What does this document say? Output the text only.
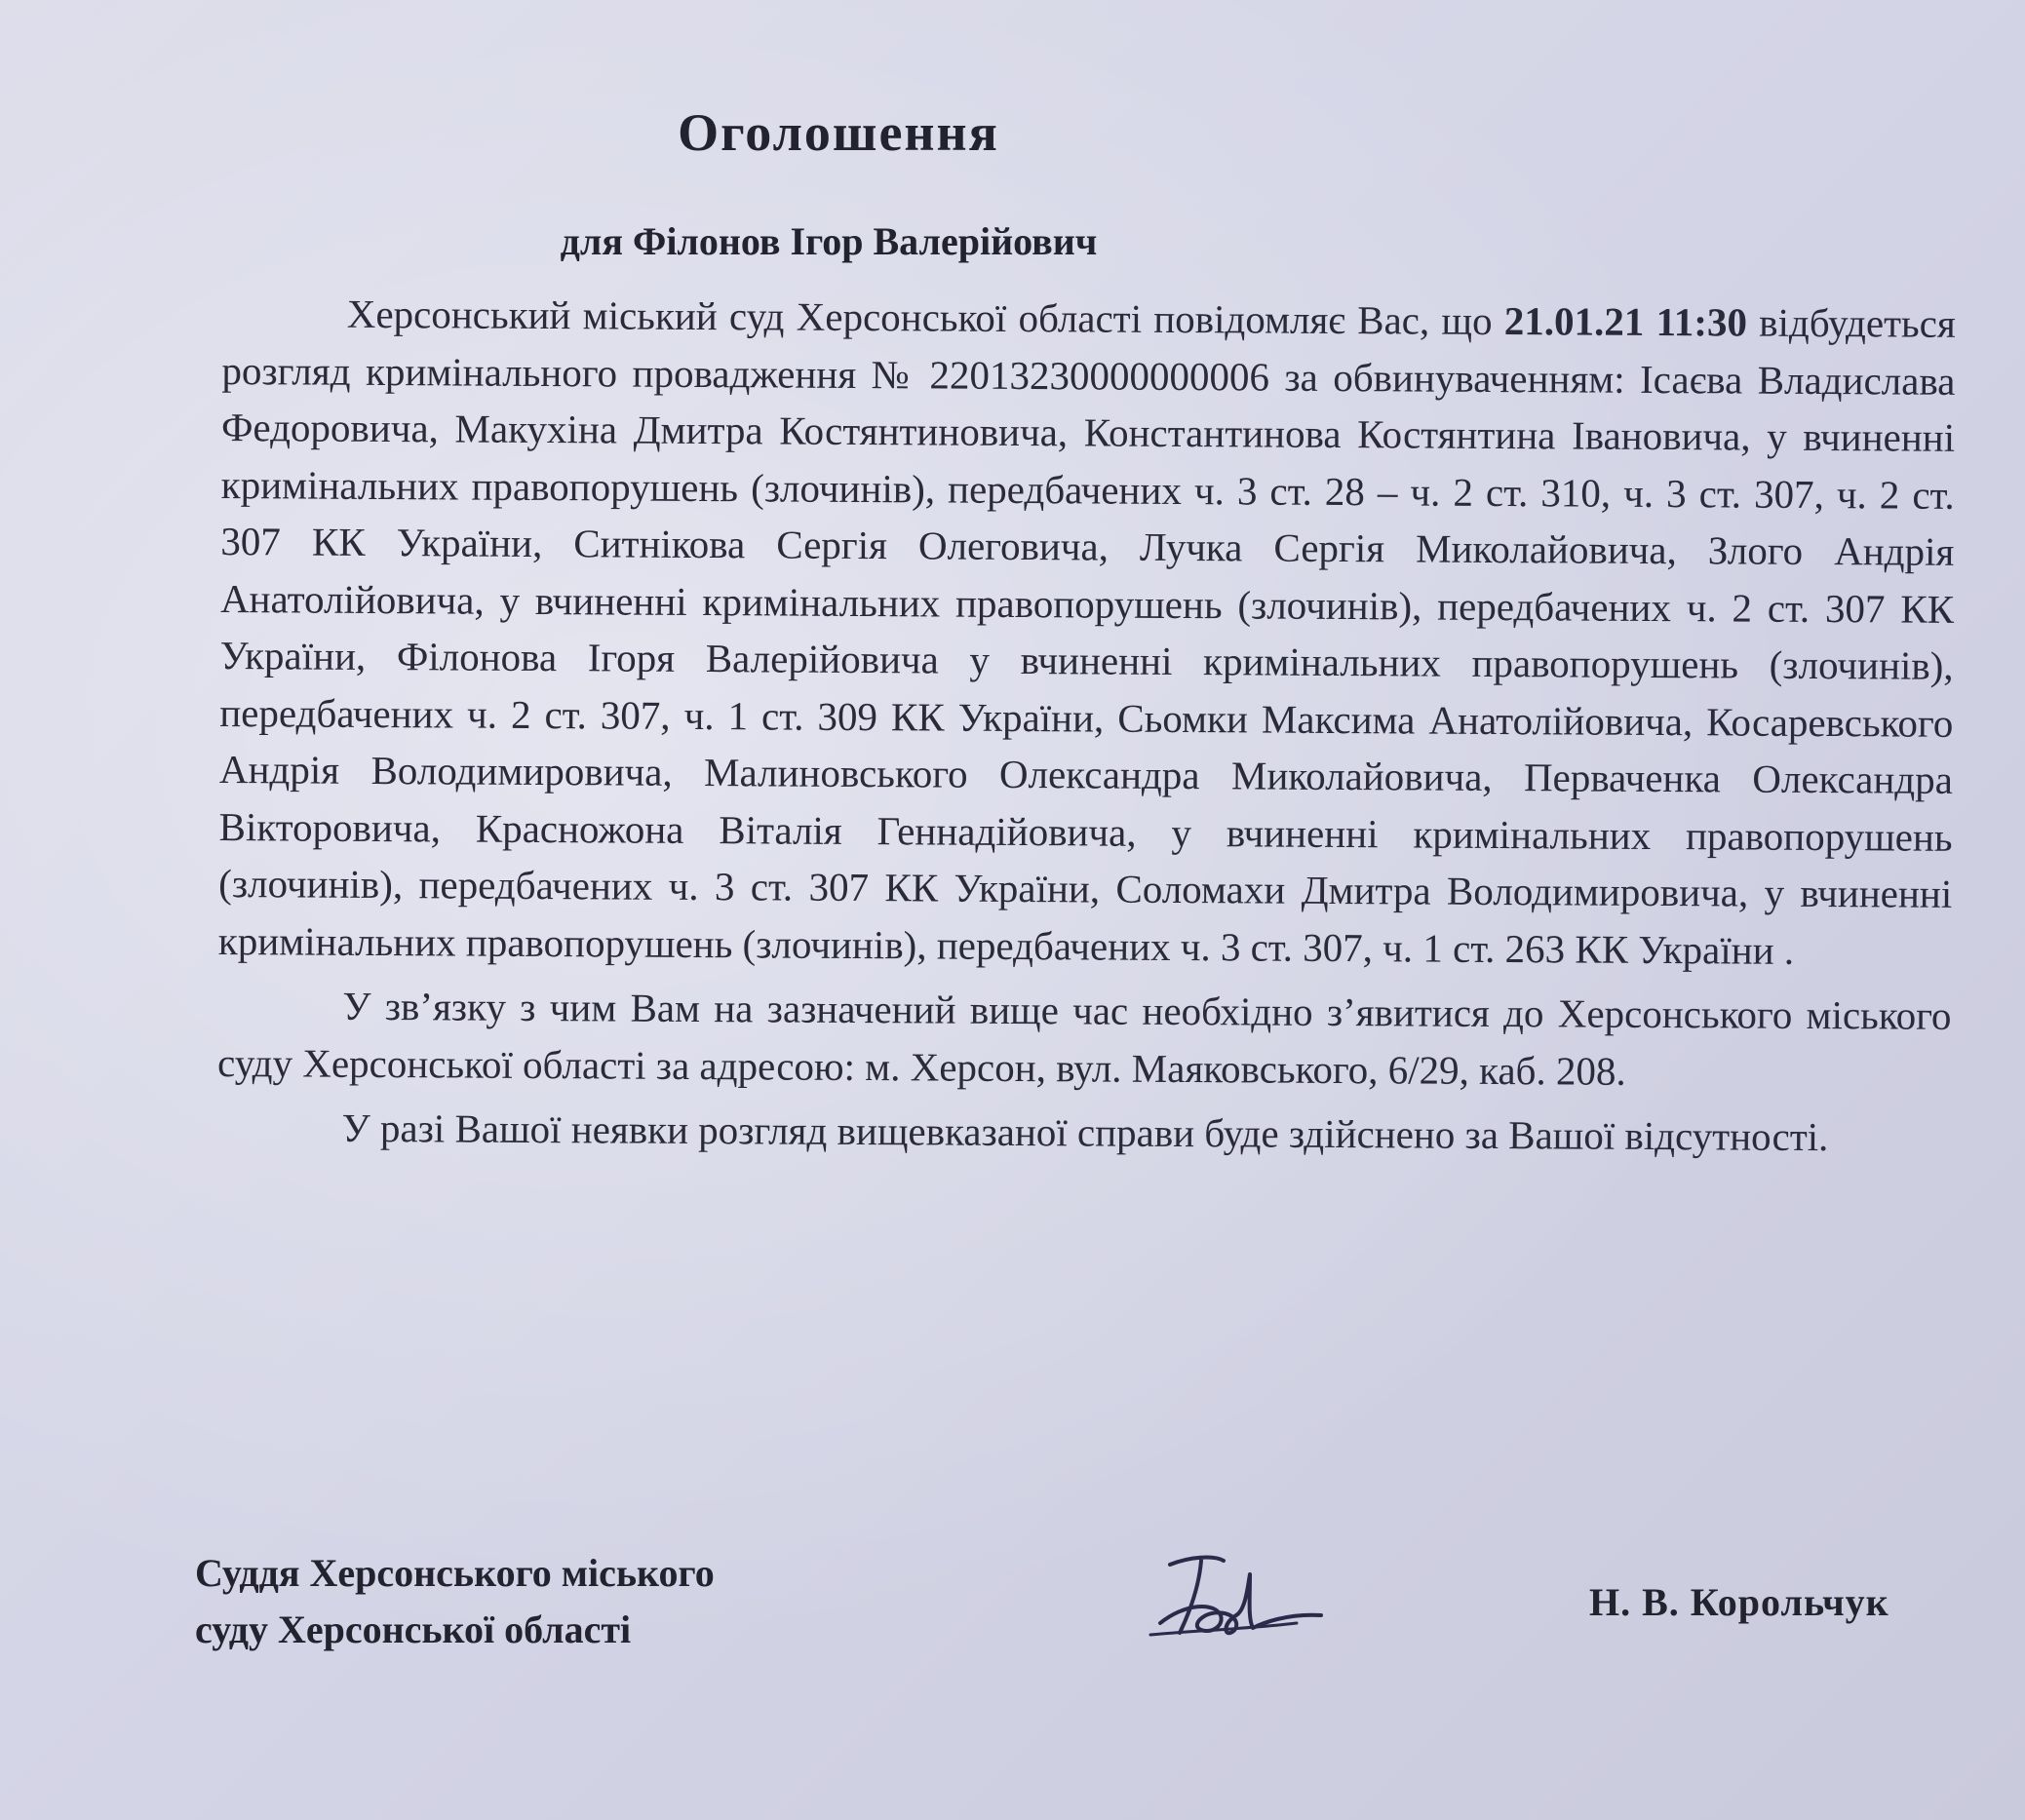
Оголошення
для Філонов Ігор Валерійович

Херсонський міський суд Херсонської області повідомляє Вас, що 21.01.21 11:30 відбудеться розгляд кримінального провадження № 22013230000000006 за обвинуваченням: Ісаєва Владислава Федоровича, Макухіна Дмитра Костянтиновича, Константинова Костянтина Івановича, у вчиненні кримінальних правопорушень (злочинів), передбачених ч. 3 ст. 28 – ч. 2 ст. 310, ч. 3 ст. 307, ч. 2 ст. 307 КК України, Ситнікова Сергія Олеговича, Лучка Сергія Миколайовича, Злого Андрія Анатолійовича, у вчиненні кримінальних правопорушень (злочинів), передбачених ч. 2 ст. 307 КК України, Філонова Ігоря Валерійовича у вчиненні кримінальних правопорушень (злочинів), передбачених ч. 2 ст. 307, ч. 1 ст. 309 КК України, Сьомки Максима Анатолійовича, Косаревського Андрія Володимировича, Малиновського Олександра Миколайовича, Перваченка Олександра Вікторовича, Красножона Віталія Геннадійовича, у вчиненні кримінальних правопорушень (злочинів), передбачених ч. 3 ст. 307 КК України, Соломахи Дмитра Володимировича, у вчиненні кримінальних правопорушень (злочинів), передбачених ч. 3 ст. 307, ч. 1 ст. 263 КК України .

У зв’язку з чим Вам на зазначений вище час необхідно з’явитися до Херсонського міського суду Херсонської області за адресою: м. Херсон, вул. Маяковського, 6/29, каб. 208.

У разі Вашої неявки розгляд вищевказаної справи буде здійснено за Вашої відсутності.

Суддя Херсонського міського
суду Херсонської області
Н. В. Корольчук
